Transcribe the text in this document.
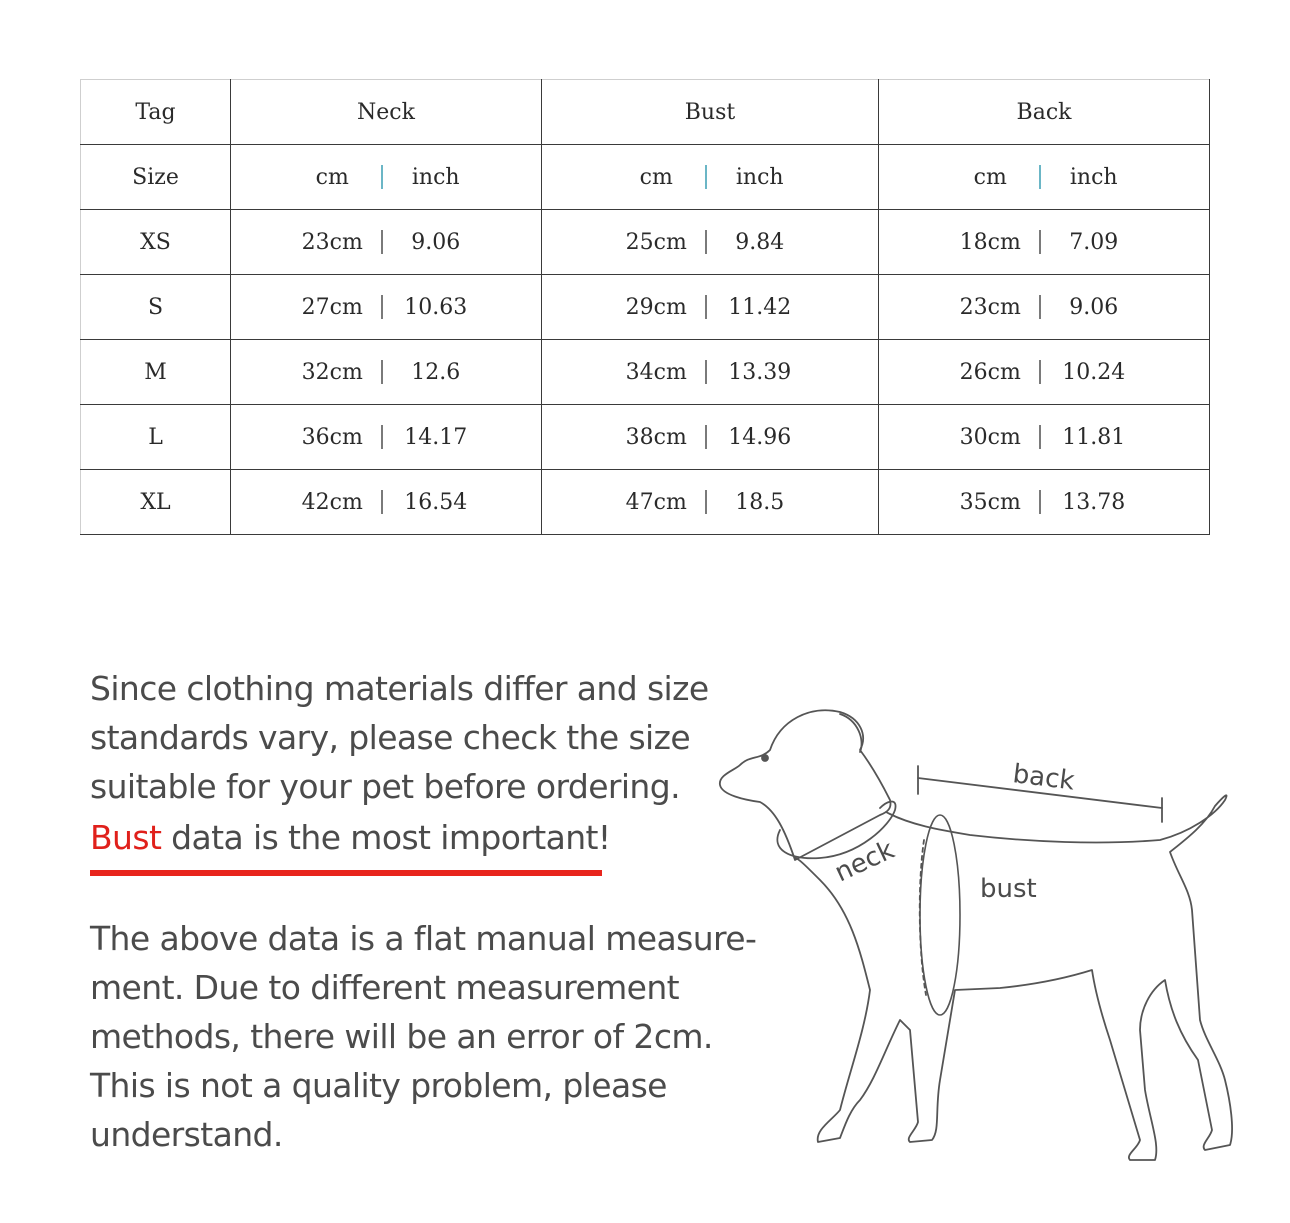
Tag	Neck	Bust	Back
Size	cm inch	cm inch	cm inch

XS	23cm 9.06	25cm 9.84	18cm 7.09

S	27cm 10.63	29cm 11.42	23cm 9.06

M	32cm 12.6	34cm 13.39	26cm 10.24

L	36cm 14.17	38cm 14.96	30cm 11.81

XL	42cm 16.54	47cm 18.5	35cm 13.78

Since clothing materials differ and size
standards vary, please check the size
suitable for your pet before ordering.

Bust data is the most important!

The above data is a flat manual measure-
ment. Due to different measurement
methods, there will be an error of 2cm.
This is not a quality problem, please
understand.

back
neck
bust
